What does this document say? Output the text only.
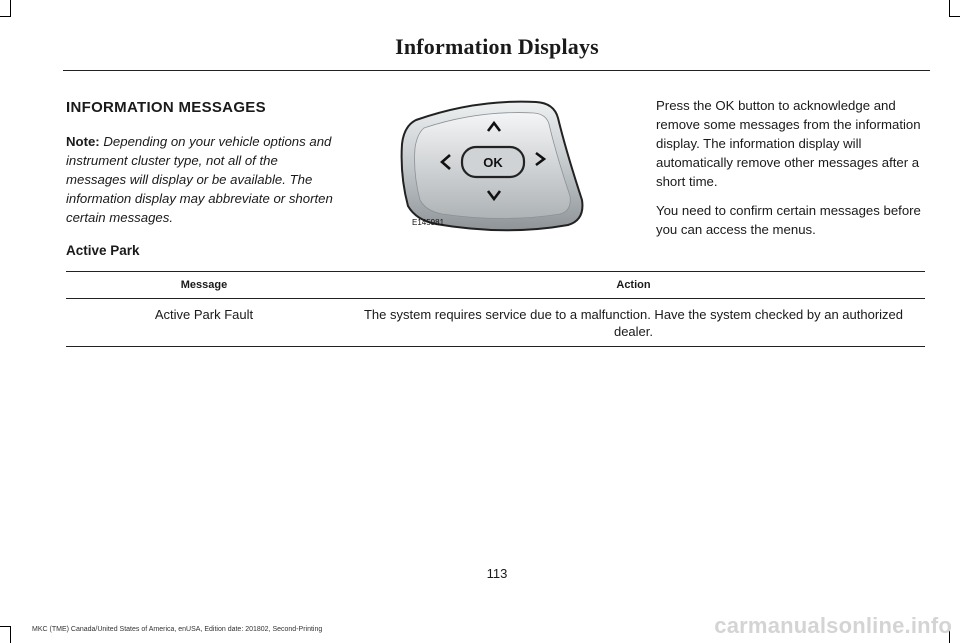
Information Displays
INFORMATION MESSAGES
Note: Depending on your vehicle options and instrument cluster type, not all of the messages will display or be available. The information display may abbreviate or shorten certain messages.
OK
E145981

Press the OK button to acknowledge and remove some messages from the information display. The information display will automatically remove other messages after a short time.

You need to confirm certain messages before you can access the menus.

Active Park
Message	Action
Active Park Fault	The system requires service due to a malfunction. Have the system checked by an authorized dealer.
113
MKC (TME) Canada/United States of America, enUSA, Edition date: 201802, Second-Printing	carmanualsonline.info
